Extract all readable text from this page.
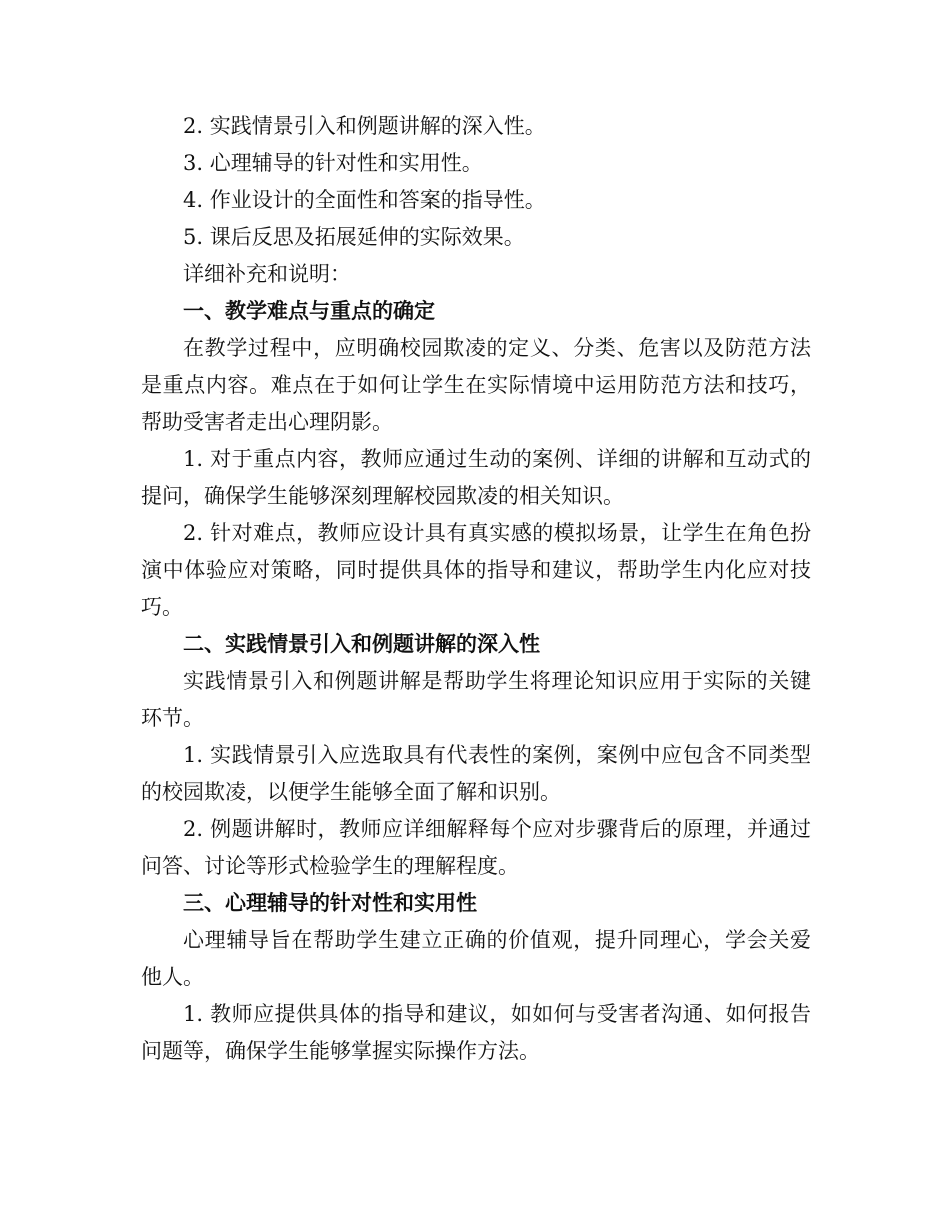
2. 实践情景引入和例题讲解的深入性。

3. 心理辅导的针对性和实用性。

4. 作业设计的全面性和答案的指导性。

5. 课后反思及拓展延伸的实际效果。

详细补充和说明：

一、教学难点与重点的确定

在教学过程中，应明确校园欺凌的定义、分类、危害以及防范方法是重点内容。难点在于如何让学生在实际情境中运用防范方法和技巧，帮助受害者走出心理阴影。

1. 对于重点内容，教师应通过生动的案例、详细的讲解和互动式的提问，确保学生能够深刻理解校园欺凌的相关知识。

2. 针对难点，教师应设计具有真实感的模拟场景，让学生在角色扮演中体验应对策略，同时提供具体的指导和建议，帮助学生内化应对技巧。

二、实践情景引入和例题讲解的深入性

实践情景引入和例题讲解是帮助学生将理论知识应用于实际的关键环节。

1. 实践情景引入应选取具有代表性的案例，案例中应包含不同类型的校园欺凌，以便学生能够全面了解和识别。

2. 例题讲解时，教师应详细解释每个应对步骤背后的原理，并通过问答、讨论等形式检验学生的理解程度。

三、心理辅导的针对性和实用性

心理辅导旨在帮助学生建立正确的价值观，提升同理心，学会关爱他人。

1. 教师应提供具体的指导和建议，如如何与受害者沟通、如何报告问题等，确保学生能够掌握实际操作方法。
